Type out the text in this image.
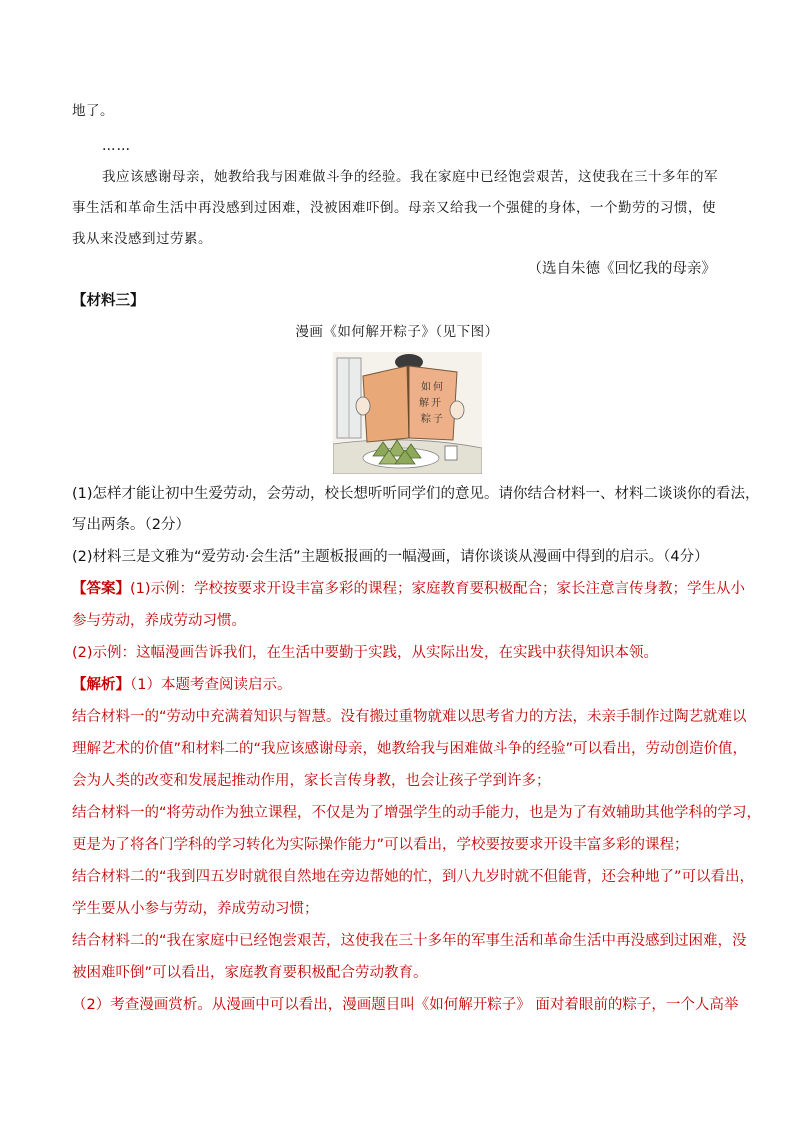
地了。
……
我应该感谢母亲，她教给我与困难做斗争的经验。我在家庭中已经饱尝艰苦，这使我在三十多年的军
事生活和革命生活中再没感到过困难，没被困难吓倒。母亲又给我一个强健的身体，一个勤劳的习惯，使
我从来没感到过劳累。
（选自朱德《回忆我的母亲》
【材料三】
漫画《如何解开粽子》（见下图）
如 何
解 开
粽 子
(1)怎样才能让初中生爱劳动，会劳动，校长想听听同学们的意见。请你结合材料一、材料二谈谈你的看法，
写出两条。（2分）
(2)材料三是文雅为“爱劳动·会生活”主题板报画的一幅漫画，请你谈谈从漫画中得到的启示。（4分）
【答案】(1)示例：学校按要求开设丰富多彩的课程；家庭教育要积极配合；家长注意言传身教；学生从小
参与劳动，养成劳动习惯。
(2)示例：这幅漫画告诉我们，在生活中要勤于实践，从实际出发，在实践中获得知识本领。
【解析】（1）本题考查阅读启示。
结合材料一的“劳动中充满着知识与智慧。没有搬过重物就难以思考省力的方法，未亲手制作过陶艺就难以
理解艺术的价值”和材料二的“我应该感谢母亲，她教给我与困难做斗争的经验”可以看出，劳动创造价值，
会为人类的改变和发展起推动作用，家长言传身教，也会让孩子学到许多；
结合材料一的“将劳动作为独立课程，不仅是为了增强学生的动手能力，也是为了有效辅助其他学科的学习，
更是为了将各门学科的学习转化为实际操作能力”可以看出，学校要按要求开设丰富多彩的课程；
结合材料二的“我到四五岁时就很自然地在旁边帮她的忙，到八九岁时就不但能背，还会种地了”可以看出，
学生要从小参与劳动，养成劳动习惯；
结合材料二的“我在家庭中已经饱尝艰苦，这使我在三十多年的军事生活和革命生活中再没感到过困难，没
被困难吓倒”可以看出，家庭教育要积极配合劳动教育。
（2）考查漫画赏析。从漫画中可以看出，漫画题目叫《如何解开粽子》 面对着眼前的粽子，一个人高举
